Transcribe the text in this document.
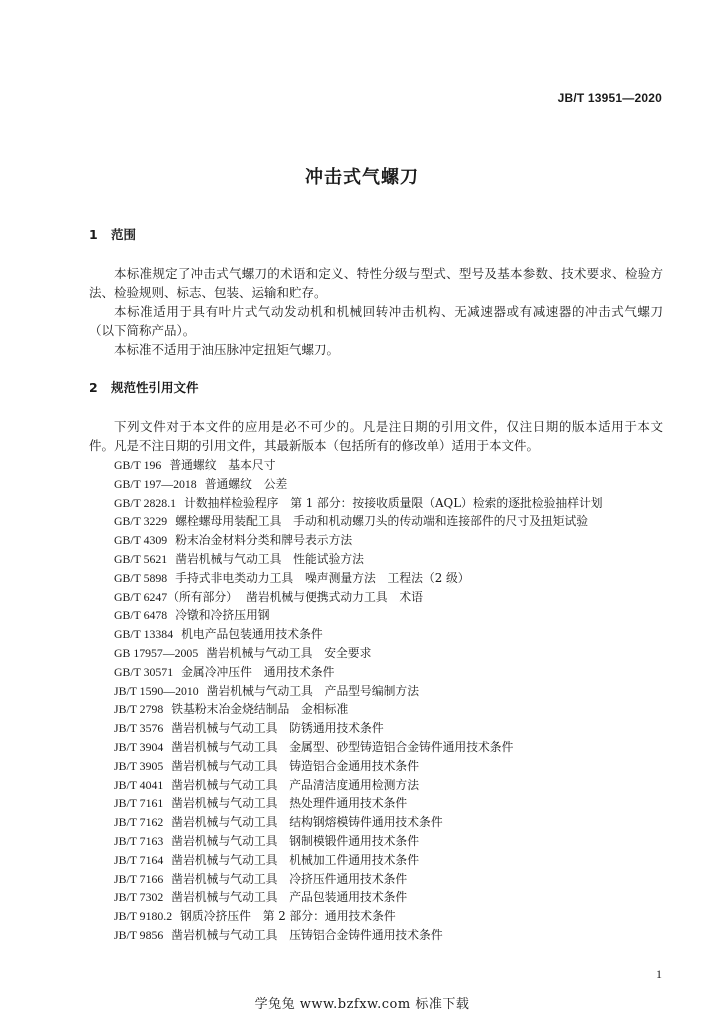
JB/T 13951—2020
冲击式气螺刀
1 范围
本标准规定了冲击式气螺刀的术语和定义、特性分级与型式、型号及基本参数、技术要求、检验方法、检验规则、标志、包装、运输和贮存。
本标准适用于具有叶片式气动发动机和机械回转冲击机构、无减速器或有减速器的冲击式气螺刀（以下简称产品）。
本标准不适用于油压脉冲定扭矩气螺刀。
2 规范性引用文件
下列文件对于本文件的应用是必不可少的。凡是注日期的引用文件，仅注日期的版本适用于本文件。凡是不注日期的引用文件，其最新版本（包括所有的修改单）适用于本文件。
GB/T 196 普通螺纹　基本尺寸
GB/T 197—2018 普通螺纹　公差
GB/T 2828.1 计数抽样检验程序　第 1 部分：按接收质量限（AQL）检索的逐批检验抽样计划
GB/T 3229 螺栓螺母用装配工具　手动和机动螺刀头的传动端和连接部件的尺寸及扭矩试验
GB/T 4309 粉末冶金材料分类和牌号表示方法
GB/T 5621 凿岩机械与气动工具　性能试验方法
GB/T 5898 手持式非电类动力工具　噪声测量方法　工程法（2 级）
GB/T 6247（所有部分） 凿岩机械与便携式动力工具　术语
GB/T 6478 冷镦和冷挤压用钢
GB/T 13384 机电产品包装通用技术条件
GB 17957—2005 凿岩机械与气动工具　安全要求
GB/T 30571 金属冷冲压件　通用技术条件
JB/T 1590—2010 凿岩机械与气动工具　产品型号编制方法
JB/T 2798 铁基粉末冶金烧结制品　金相标准
JB/T 3576 凿岩机械与气动工具　防锈通用技术条件
JB/T 3904 凿岩机械与气动工具　金属型、砂型铸造铝合金铸件通用技术条件
JB/T 3905 凿岩机械与气动工具　铸造铝合金通用技术条件
JB/T 4041 凿岩机械与气动工具　产品清洁度通用检测方法
JB/T 7161 凿岩机械与气动工具　热处理件通用技术条件
JB/T 7162 凿岩机械与气动工具　结构钢熔模铸件通用技术条件
JB/T 7163 凿岩机械与气动工具　钢制模锻件通用技术条件
JB/T 7164 凿岩机械与气动工具　机械加工件通用技术条件
JB/T 7166 凿岩机械与气动工具　冷挤压件通用技术条件
JB/T 7302 凿岩机械与气动工具　产品包装通用技术条件
JB/T 9180.2 钢质冷挤压件　第 2 部分：通用技术条件
JB/T 9856 凿岩机械与气动工具　压铸铝合金铸件通用技术条件
1
学兔兔 www.bzfxw.com 标准下载
